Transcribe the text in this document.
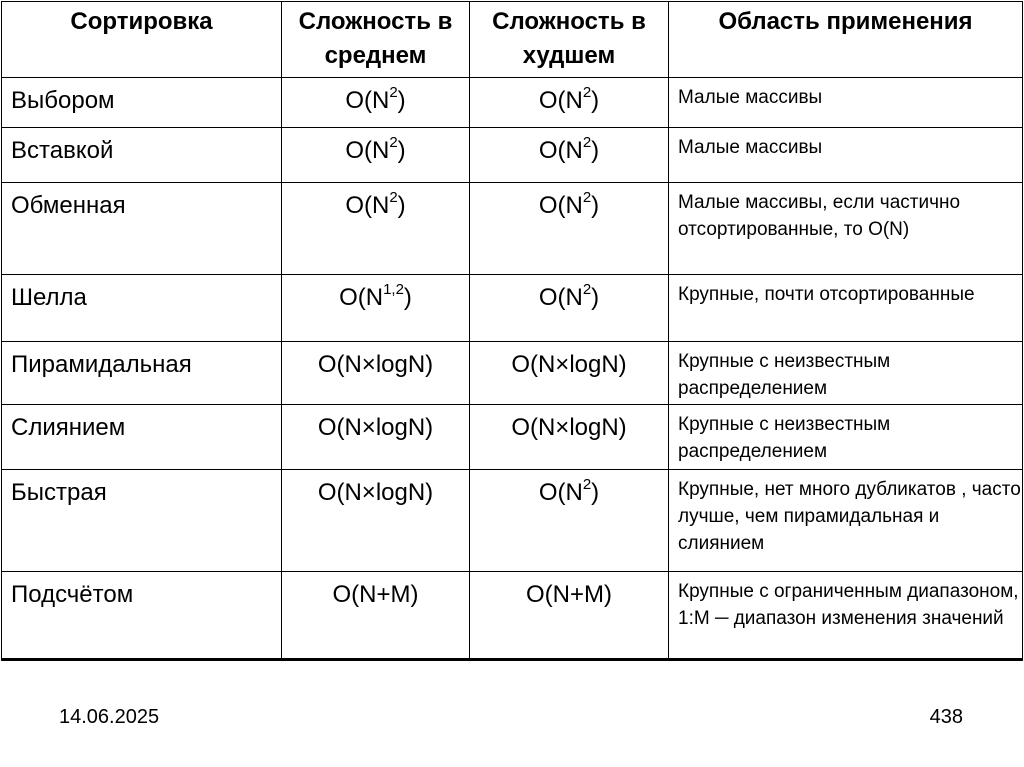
Сортировка	Сложность в среднем	Сложность в худшем	Область применения
Выбором	$O(N^2)$	$O(N^2)$	Малые массивы
Вставкой	$O(N^2)$	$O(N^2)$	Малые массивы
Обменная	$O(N^2)$	$O(N^2)$	Малые массивы, если частично отсортированные, то O(N)
Шелла	$O(N^{1,2})$	$O(N^2)$	Крупные, почти отсортированные
Пирамидальная	O(N×logN)	O(N×logN)	Крупные с неизвестным распределением
Слиянием	O(N×logN)	O(N×logN)	Крупные с неизвестным распределением
Быстрая	O(N×logN)	$O(N^2)$	Крупные, нет много дубликатов , часто лучше, чем пирамидальная и слиянием
Подсчётом	O(N+M)	O(N+M)	Крупные с ограниченным диапазоном, 1:M ─ диапазон изменения значений
14.06.2025	438
